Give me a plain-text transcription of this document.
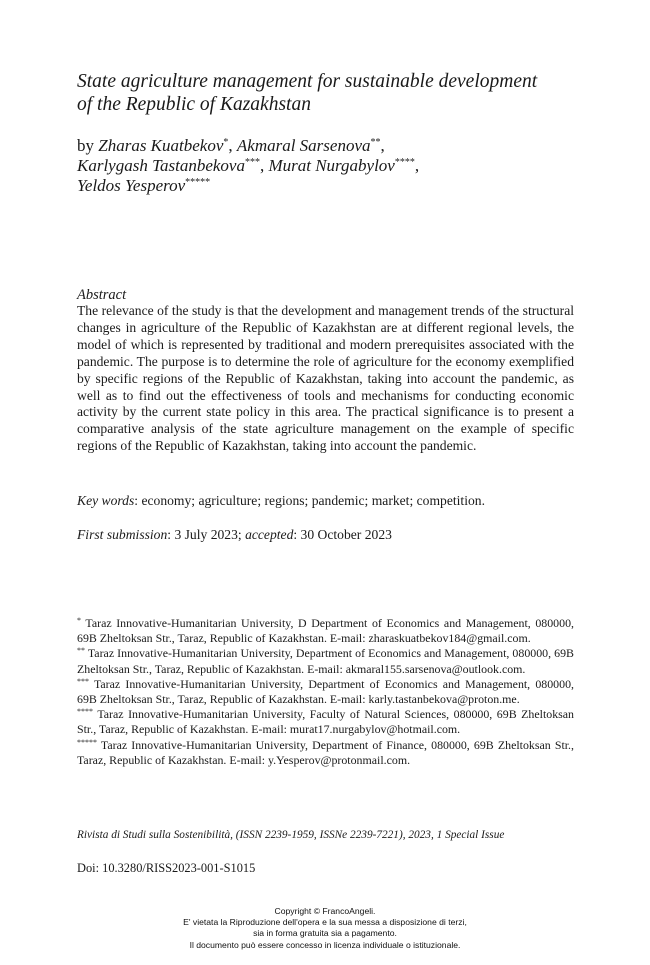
State agriculture management for sustainable development
of the Republic of Kazakhstan
by Zharas Kuatbekov*, Akmaral Sarsenova**,
Karlygash Tastanbekova***, Murat Nurgabylov****,
Yeldos Yesperov*****
Abstract

The relevance of the study is that the development and management trends of the structural changes in agriculture of the Republic of Kazakhstan are at different regional levels, the model of which is represented by traditional and modern prerequisites associated with the pandemic. The purpose is to determine the role of agriculture for the economy exemplified by specific regions of the Republic of Kazakhstan, taking into account the pandemic, as well as to find out the effectiveness of tools and mechanisms for conducting economic activity by the current state policy in this area. The practical significance is to present a comparative analysis of the state agriculture management on the example of specific regions of the Republic of Kazakhstan, taking into account the pandemic.

Key words: economy; agriculture; regions; pandemic; market; competition.
First submission: 3 July 2023; accepted: 30 October 2023

* Taraz Innovative-Humanitarian University, D Department of Economics and Management, 080000, 69B Zheltoksan Str., Taraz, Republic of Kazakhstan. E-mail: zharaskuatbekov184@gmail.com.

** Taraz Innovative-Humanitarian University, Department of Economics and Management, 080000, 69B Zheltoksan Str., Taraz, Republic of Kazakhstan. E-mail: akmaral155.sarsenova@outlook.com.

*** Taraz Innovative-Humanitarian University, Department of Economics and Management, 080000, 69B Zheltoksan Str., Taraz, Republic of Kazakhstan. E-mail: karly.tastanbekova@proton.me.

**** Taraz Innovative-Humanitarian University, Faculty of Natural Sciences, 080000, 69B Zheltoksan Str., Taraz, Republic of Kazakhstan. E-mail: murat17.nurgabylov@hotmail.com.

***** Taraz Innovative-Humanitarian University, Department of Finance, 080000, 69B Zheltoksan Str., Taraz, Republic of Kazakhstan. E-mail: y.Yesperov@protonmail.com.

Rivista di Studi sulla Sostenibilità, (ISSN 2239-1959, ISSNe 2239-7221), 2023, 1 Special Issue
Doi: 10.3280/RISS2023-001-S1015

Copyright © FrancoAngeli.

E' vietata la Riproduzione dell'opera e la sua messa a disposizione di terzi,

sia in forma gratuita sia a pagamento.

Il documento può essere concesso in licenza individuale o istituzionale.
